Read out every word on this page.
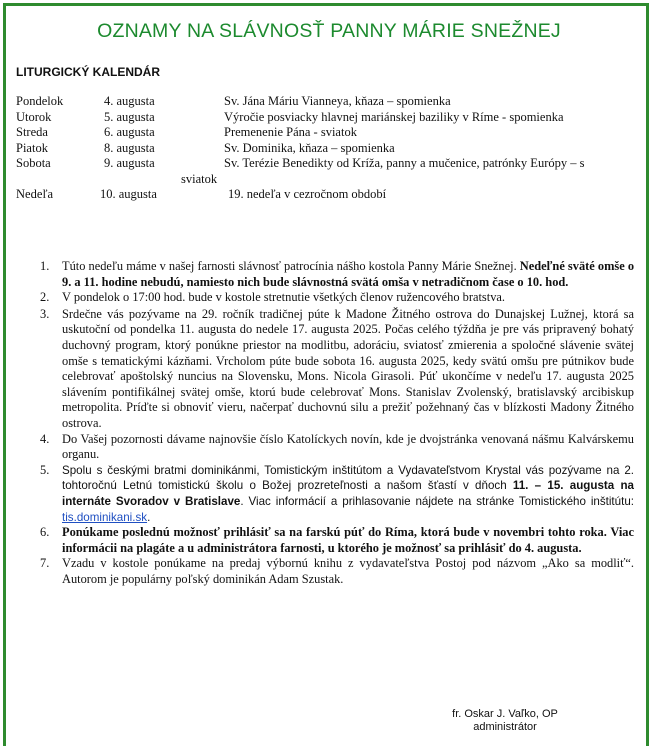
OZNAMY NA SLÁVNOSŤ PANNY MÁRIE SNEŽNEJ
LITURGICKÝ KALENDÁR
Pondelok	4. augusta	Sv. Jána Máriu Vianneya, kňaza – spomienka
Utorok	5. augusta	Výročie posviacky hlavnej mariánskej baziliky v Ríme - spomienka
Streda	6. augusta	Premenenie Pána - sviatok
Piatok	8. augusta	Sv. Dominika, kňaza – spomienka
Sobota	9. augusta	Sv. Terézie Benedikty od Kríža, panny a mučenice, patrónky Európy – s
sviatok
Nedeľa	10. augusta	19. nedeľa v cezročnom období
1. Túto nedeľu máme v našej farnosti slávnosť patrocínia nášho kostola Panny Márie Snežnej. Nedeľné sväté omše o 9. a 11. hodine nebudú, namiesto nich bude slávnostná svätá omša v netradičnom čase o 10. hod.
2. V pondelok o 17:00 hod. bude v kostole stretnutie všetkých členov ružencového bratstva.
3. Srdečne vás pozývame na 29. ročník tradičnej púte k Madone Žitného ostrova do Dunajskej Lužnej, ktorá sa uskutoční od pondelka 11. augusta do nedele 17. augusta 2025. Počas celého týždňa je pre vás pripravený bohatý duchovný program, ktorý ponúkne priestor na modlitbu, adoráciu, sviatosť zmierenia a spoločné slávenie svätej omše s tematickými kázňami. Vrcholom púte bude sobota 16. augusta 2025, kedy svätú omšu pre pútnikov bude celebrovať apoštolský nuncius na Slovensku, Mons. Nicola Girasoli. Púť ukončíme v nedeľu 17. augusta 2025 slávením pontifikálnej svätej omše, ktorú bude celebrovať Mons. Stanislav Zvolenský, bratislavský arcibiskup metropolita. Príďte si obnoviť vieru, načerpať duchovnú silu a prežiť požehnaný čas v blízkosti Madony Žitného ostrova.
4. Do Vašej pozornosti dávame najnovšie číslo Katolíckych novín, kde je dvojstránka venovaná nášmu Kalvárskemu organu.
5. Spolu s českými bratmi dominikánmi, Tomistickým inštitútom a Vydavateľstvom Krystal vás pozývame na 2. tohtoročnú Letnú tomistickú školu o Božej prozreteľnosti a našom šťastí v dňoch 11. – 15. augusta na internáte Svoradov v Bratislave. Viac informácií a prihlasovanie nájdete na stránke Tomistického inštitútu: tis.dominikani.sk.
6. Ponúkame poslednú možnosť prihlásiť sa na farskú púť do Ríma, ktorá bude v novembri tohto roka. Viac informácii na plagáte a u administrátora farnosti, u ktorého je možnosť sa prihlásiť do 4. augusta.
7. Vzadu v kostole ponúkame na predaj výbornú knihu z vydavateľstva Postoj pod názvom „Ako sa modliť“. Autorom je populárny poľský dominikán Adam Szustak.
fr. Oskar J. Vaľko, OP
administrátor
